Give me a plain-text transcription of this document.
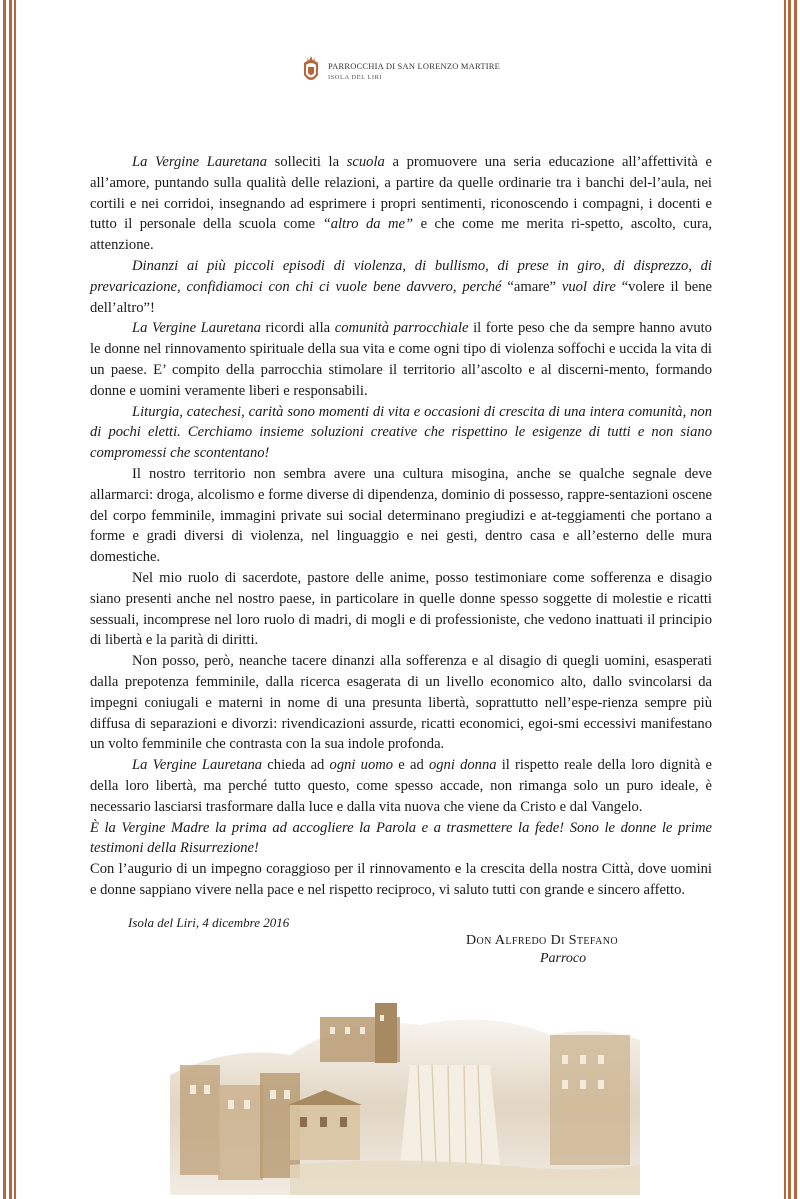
PARROCCHIA DI SAN LORENZO MARTIRE
ISOLA DEL LIRI

La Vergine Lauretana solleciti la scuola a promuovere una seria educazione all’affettività e all’amore, puntando sulla qualità delle relazioni, a partire da quelle ordinarie tra i banchi del-l’aula, nei cortili e nei corridoi, insegnando ad esprimere i propri sentimenti, riconoscendo i compagni, i docenti e tutto il personale della scuola come “altro da me” e che come me merita ri-spetto, ascolto, cura, attenzione.

Dinanzi ai più piccoli episodi di violenza, di bullismo, di prese in giro, di disprezzo, di prevaricazione, confidiamoci con chi ci vuole bene davvero, perché “amare” vuol dire “volere il bene dell’altro”!

La Vergine Lauretana ricordi alla comunità parrocchiale il forte peso che da sempre hanno avuto le donne nel rinnovamento spirituale della sua vita e come ogni tipo di violenza soffochi e uccida la vita di un paese. E’ compito della parrocchia stimolare il territorio all’ascolto e al discerni-mento, formando donne e uomini veramente liberi e responsabili.

Liturgia, catechesi, carità sono momenti di vita e occasioni di crescita di una intera comunità, non di pochi eletti. Cerchiamo insieme soluzioni creative che rispettino le esigenze di tutti e non siano compromessi che scontentano!

Il nostro territorio non sembra avere una cultura misogina, anche se qualche segnale deve allarmarci: droga, alcolismo e forme diverse di dipendenza, dominio di possesso, rappre-sentazioni oscene del corpo femminile, immagini private sui social determinano pregiudizi e at-teggiamenti che portano a forme e gradi diversi di violenza, nel linguaggio e nei gesti, dentro casa e all’esterno delle mura domestiche.

Nel mio ruolo di sacerdote, pastore delle anime, posso testimoniare come sofferenza e disagio siano presenti anche nel nostro paese, in particolare in quelle donne spesso soggette di molestie e ricatti sessuali, incomprese nel loro ruolo di madri, di mogli e di professioniste, che vedono inattuati il principio di libertà e la parità di diritti.

Non posso, però, neanche tacere dinanzi alla sofferenza e al disagio di quegli uomini, esasperati dalla prepotenza femminile, dalla ricerca esagerata di un livello economico alto, dallo svincolarsi da impegni coniugali e materni in nome di una presunta libertà, soprattutto nell’espe-rienza sempre più diffusa di separazioni e divorzi: rivendicazioni assurde, ricatti economici, egoi-smi eccessivi manifestano un volto femminile che contrasta con la sua indole profonda.

La Vergine Lauretana chieda ad ogni uomo e ad ogni donna il rispetto reale della loro dignità e della loro libertà, ma perché tutto questo, come spesso accade, non rimanga solo un puro ideale, è necessario lasciarsi trasformare dalla luce e dalla vita nuova che viene da Cristo e dal Vangelo.

È la Vergine Madre la prima ad accogliere la Parola e a trasmettere la fede! Sono le donne le prime testimoni della Risurrezione!

Con l’augurio di un impegno coraggioso per il rinnovamento e la crescita della nostra Città, dove uomini e donne sappiano vivere nella pace e nel rispetto reciproco, vi saluto tutti con grande e sincero affetto.

Isola del Liri, 4 dicembre 2016
Don Alfredo Di Stefano
Parroco
